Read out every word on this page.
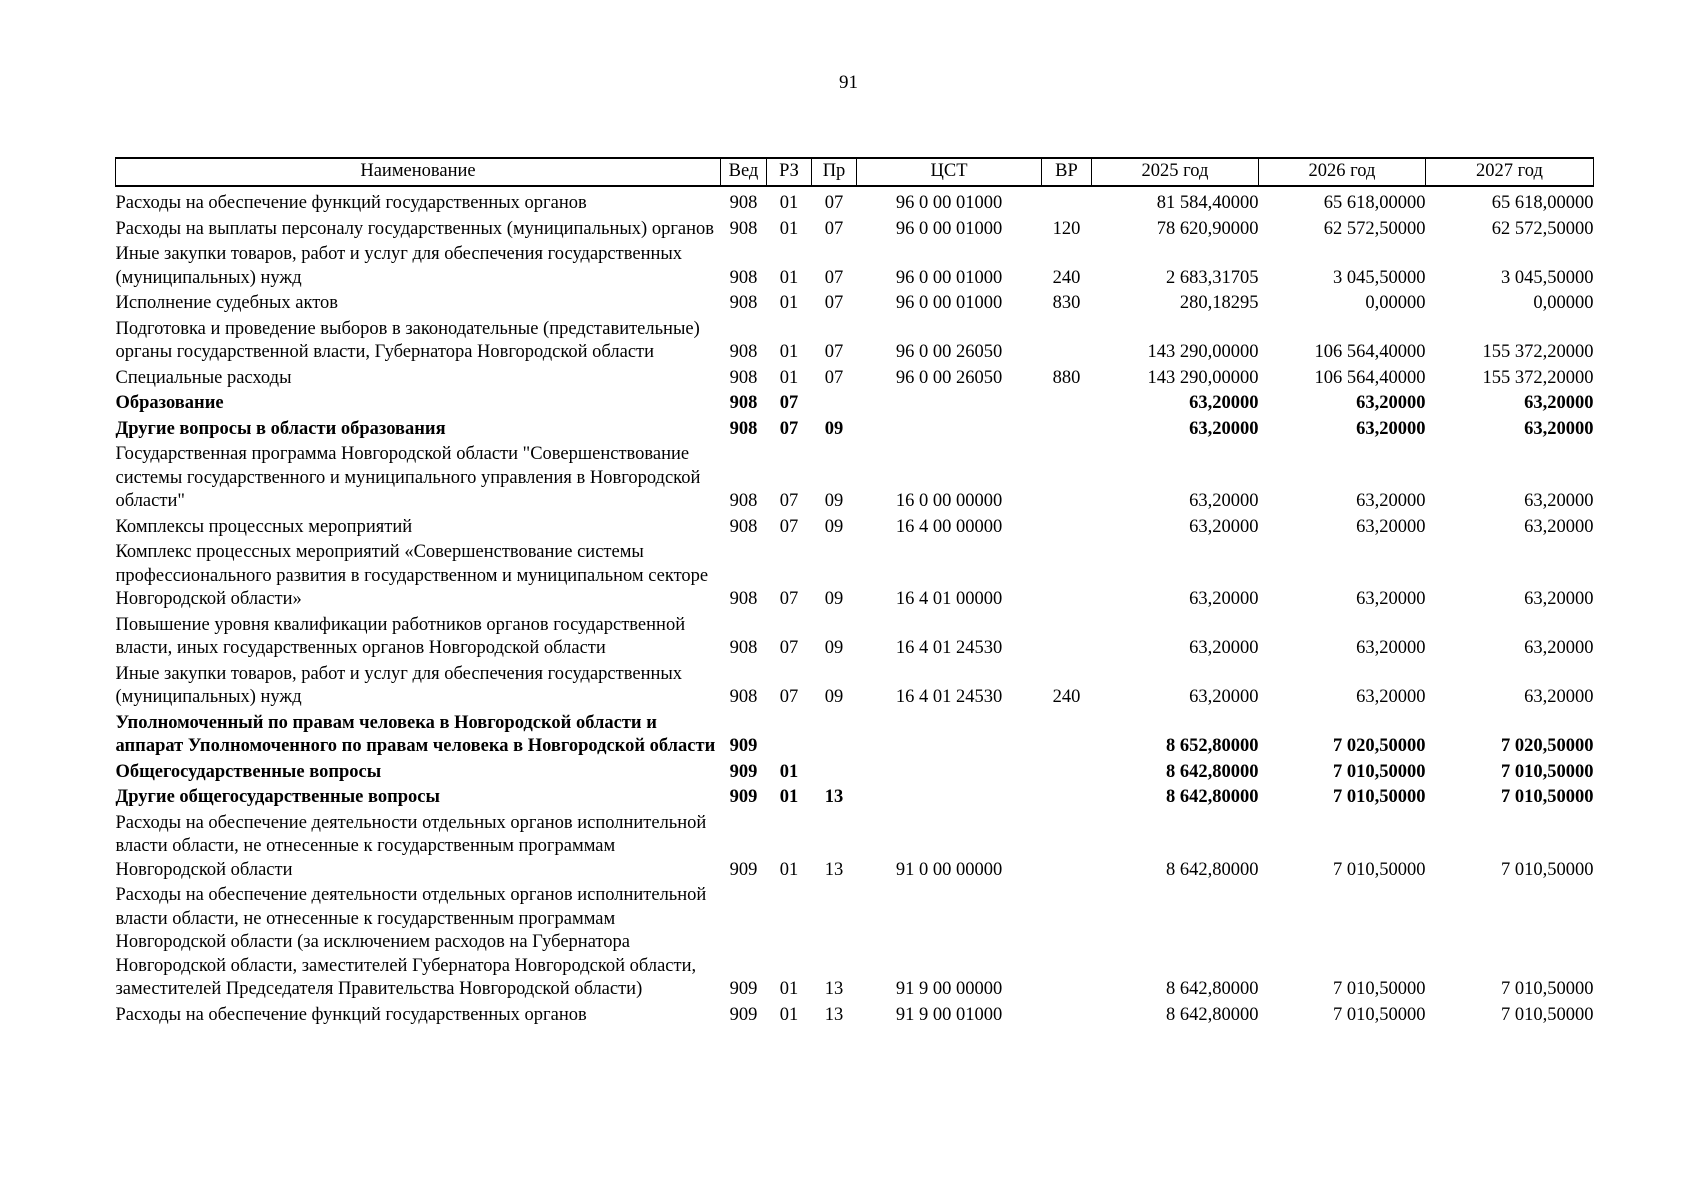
91
Наименование	Вед	РЗ	Пр	ЦСТ	ВР	2025 год	2026 год	2027 год
Расходы на обеспечение функций государственных органов	908	01	07	96 0 00 01000		81 584,40000	65 618,00000	65 618,00000
Расходы на выплаты персоналу государственных (муниципальных) органов	908	01	07	96 0 00 01000	120	78 620,90000	62 572,50000	62 572,50000
Иные закупки товаров, работ и услуг для обеспечения государственных (муниципальных) нужд	908	01	07	96 0 00 01000	240	2 683,31705	3 045,50000	3 045,50000
Исполнение судебных актов	908	01	07	96 0 00 01000	830	280,18295	0,00000	0,00000
Подготовка и проведение выборов в законодательные (представительные) органы государственной власти, Губернатора Новгородской области	908	01	07	96 0 00 26050		143 290,00000	106 564,40000	155 372,20000
Специальные расходы	908	01	07	96 0 00 26050	880	143 290,00000	106 564,40000	155 372,20000
Образование	908	07				63,20000	63,20000	63,20000
Другие вопросы в области образования	908	07	09			63,20000	63,20000	63,20000
Государственная программа Новгородской области "Совершенствование системы государственного и муниципального управления в Новгородской области"	908	07	09	16 0 00 00000		63,20000	63,20000	63,20000
Комплексы процессных мероприятий	908	07	09	16 4 00 00000		63,20000	63,20000	63,20000
Комплекс процессных мероприятий «Совершенствование системы профессионального развития в государственном и муниципальном секторе Новгородской области»	908	07	09	16 4 01 00000		63,20000	63,20000	63,20000
Повышение уровня квалификации работников органов государственной власти, иных государственных органов Новгородской области	908	07	09	16 4 01 24530		63,20000	63,20000	63,20000
Иные закупки товаров, работ и услуг для обеспечения государственных (муниципальных) нужд	908	07	09	16 4 01 24530	240	63,20000	63,20000	63,20000
Уполномоченный по правам человека в Новгородской области и аппарат Уполномоченного по правам человека в Новгородской области	909					8 652,80000	7 020,50000	7 020,50000
Общегосударственные вопросы	909	01				8 642,80000	7 010,50000	7 010,50000
Другие общегосударственные вопросы	909	01	13			8 642,80000	7 010,50000	7 010,50000
Расходы на обеспечение деятельности отдельных органов исполнительной власти области, не отнесенные к государственным программам Новгородской области	909	01	13	91 0 00 00000		8 642,80000	7 010,50000	7 010,50000
Расходы на обеспечение деятельности отдельных органов исполнительной власти области, не отнесенные к государственным программам Новгородской области (за исключением расходов на Губернатора Новгородской области, заместителей Губернатора Новгородской области, заместителей Председателя Правительства Новгородской области)	909	01	13	91 9 00 00000		8 642,80000	7 010,50000	7 010,50000
Расходы на обеспечение функций государственных органов	909	01	13	91 9 00 01000		8 642,80000	7 010,50000	7 010,50000
